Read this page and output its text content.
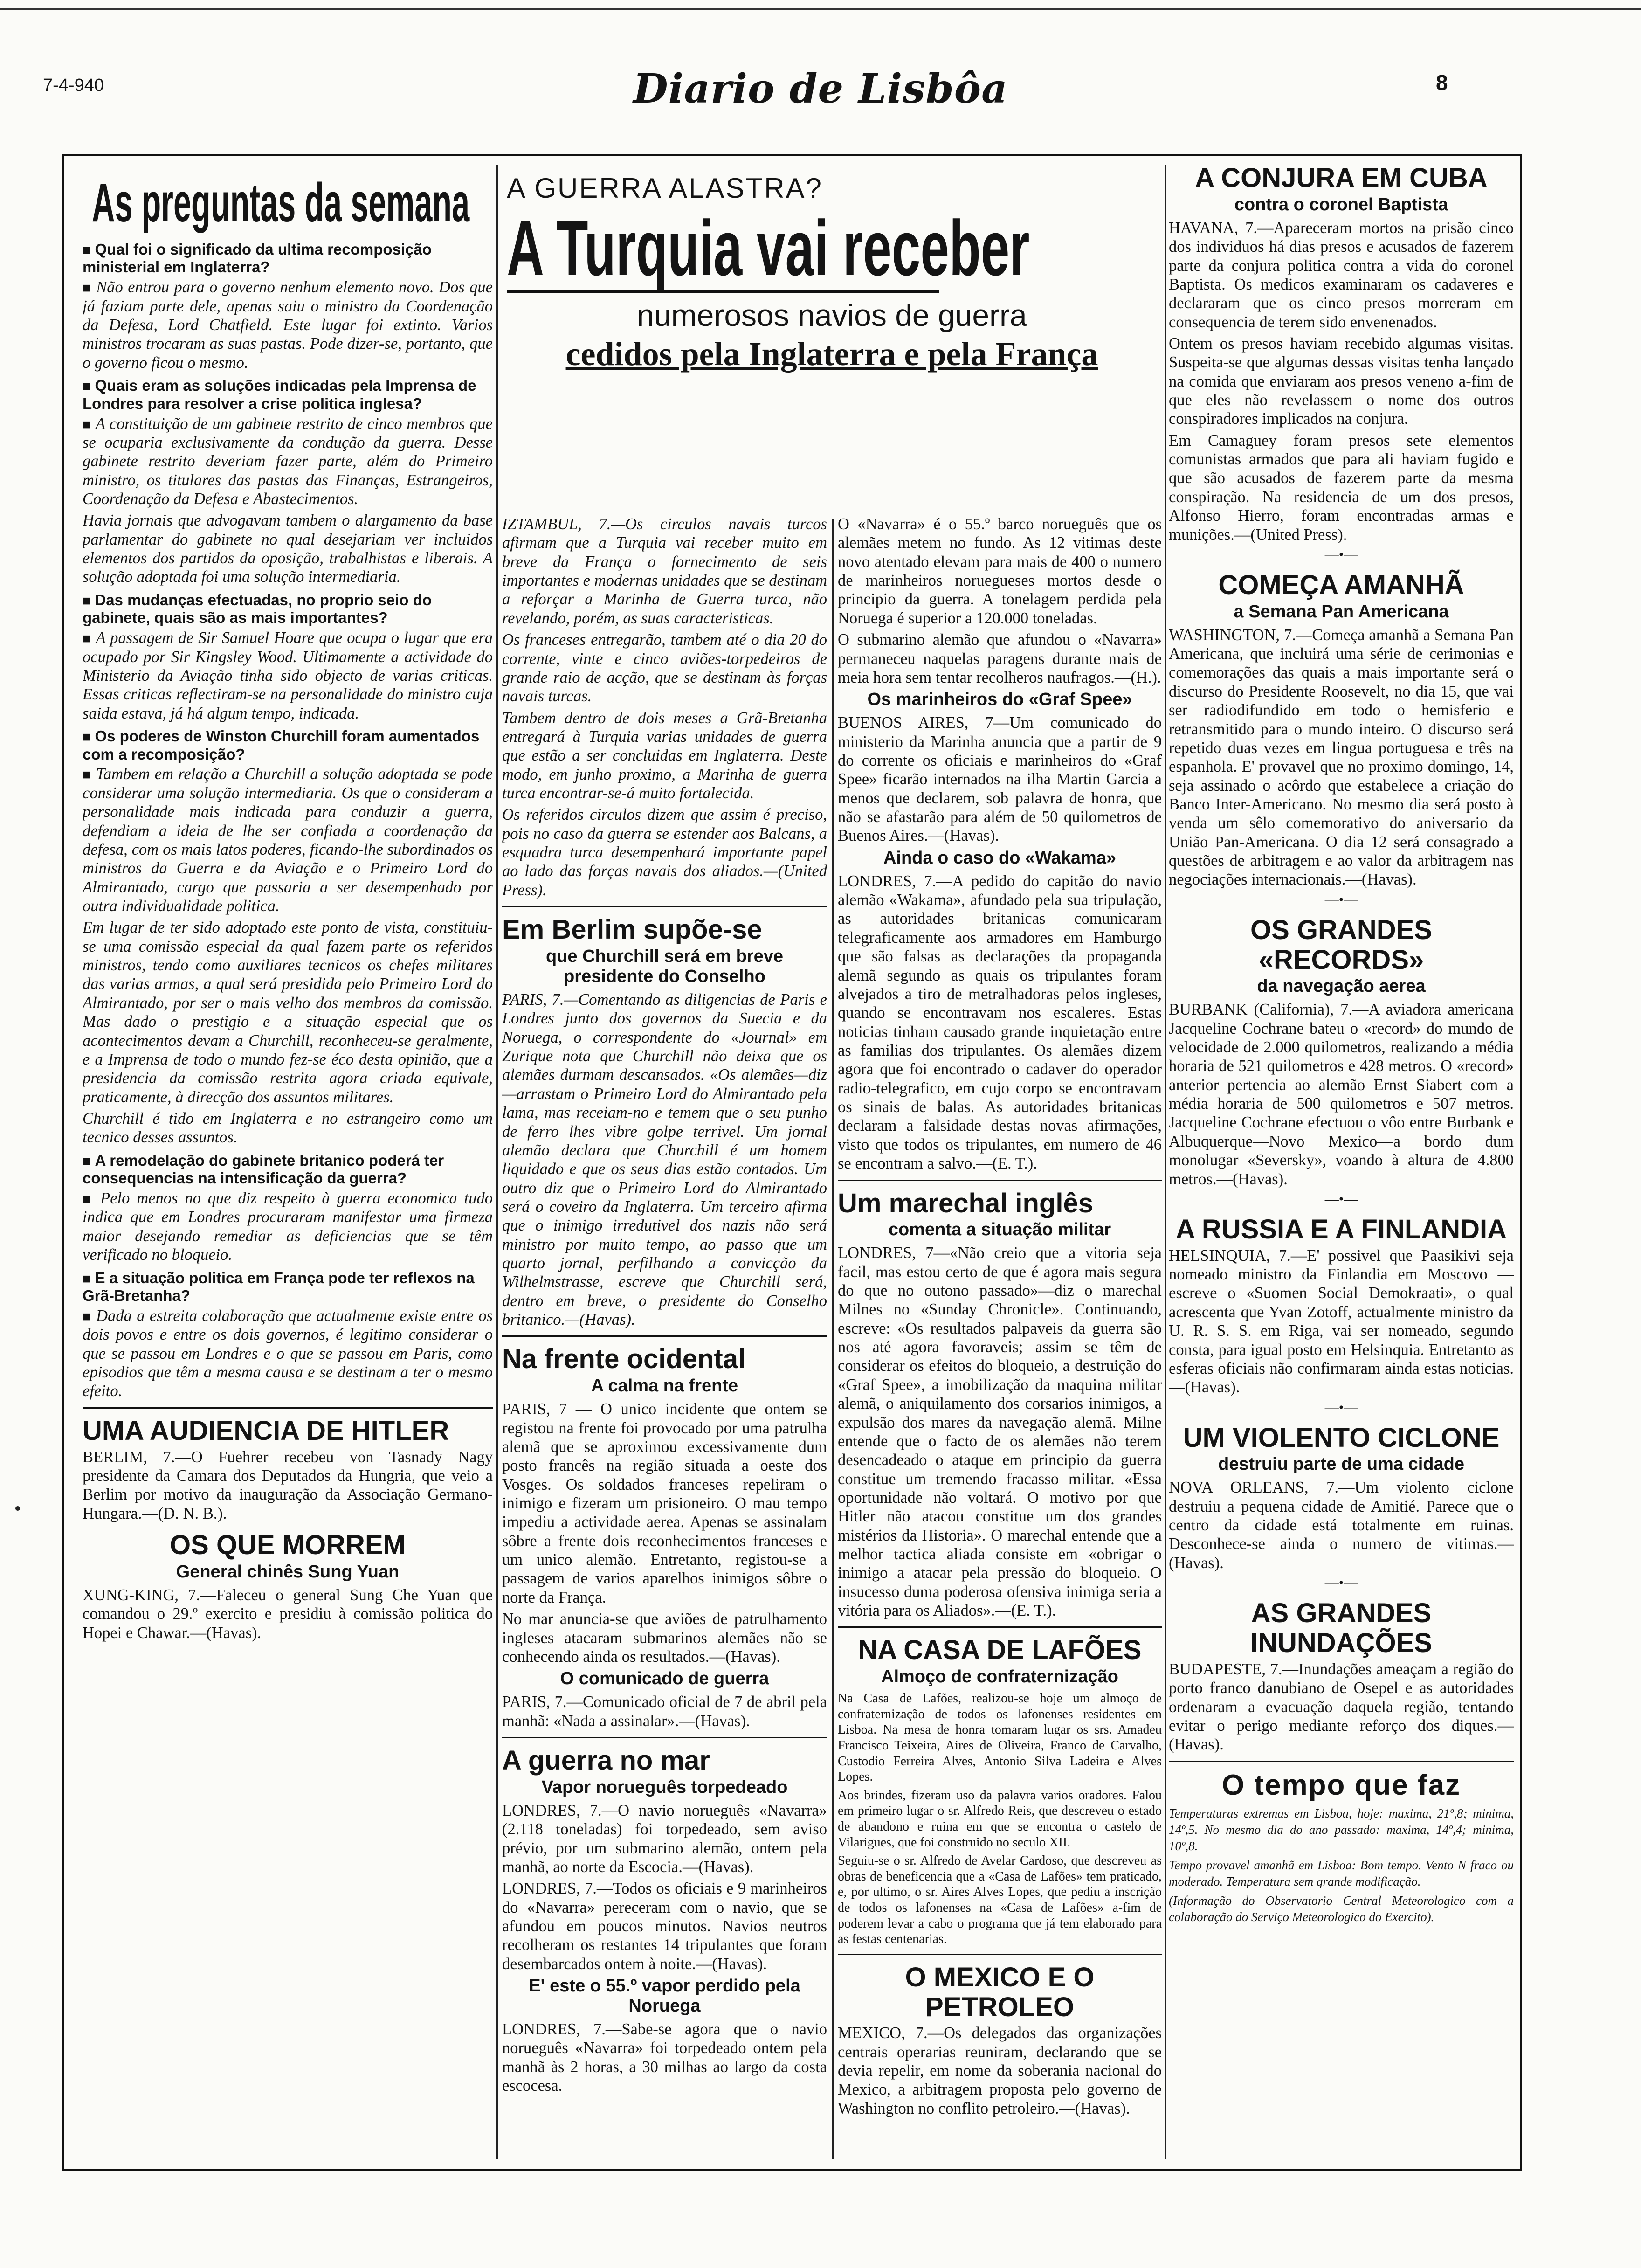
7-4-940	Diario de Lisbôa	8
As preguntas da semana
■ Qual foi o significado da ultima recomposição ministerial em Inglaterra?

■ Não entrou para o governo nenhum elemento novo. Dos que já faziam parte dele, apenas saiu o ministro da Coordenação da Defesa, Lord Chatfield. Este lugar foi extinto. Varios ministros trocaram as suas pastas. Pode dizer-se, portanto, que o governo ficou o mesmo.

■ Quais eram as soluções indicadas pela Imprensa de Londres para resolver a crise politica inglesa?

■ A constituição de um gabinete restrito de cinco membros que se ocuparia exclusivamente da condução da guerra. Desse gabinete restrito deveriam fazer parte, além do Primeiro ministro, os titulares das pastas das Finanças, Estrangeiros, Coordenação da Defesa e Abastecimentos.

Havia jornais que advogavam tambem o alargamento da base parlamentar do gabinete no qual desejariam ver incluidos elementos dos partidos da oposição, trabalhistas e liberais. A solução adoptada foi uma solução intermediaria.

■ Das mudanças efectuadas, no proprio seio do gabinete, quais são as mais importantes?

■ A passagem de Sir Samuel Hoare que ocupa o lugar que era ocupado por Sir Kingsley Wood. Ultimamente a actividade do Ministerio da Aviação tinha sido objecto de varias criticas. Essas criticas reflectiram-se na personalidade do ministro cuja saida estava, já há algum tempo, indicada.

■ Os poderes de Winston Churchill foram aumentados com a recomposição?

■ Tambem em relação a Churchill a solução adoptada se pode considerar uma solução intermediaria. Os que o consideram a personalidade mais indicada para conduzir a guerra, defendiam a ideia de lhe ser confiada a coordenação da defesa, com os mais latos poderes, ficando-lhe subordinados os ministros da Guerra e da Aviação e o Primeiro Lord do Almirantado, cargo que passaria a ser desempenhado por outra individualidade politica.

Em lugar de ter sido adoptado este ponto de vista, constituiu-se uma comissão especial da qual fazem parte os referidos ministros, tendo como auxiliares tecnicos os chefes militares das varias armas, a qual será presidida pelo Primeiro Lord do Almirantado, por ser o mais velho dos membros da comissão. Mas dado o prestigio e a situação especial que os acontecimentos devam a Churchill, reconheceu-se geralmente, e a Imprensa de todo o mundo fez-se éco desta opinião, que a presidencia da comissão restrita agora criada equivale, praticamente, à direcção dos assuntos militares.

Churchill é tido em Inglaterra e no estrangeiro como um tecnico desses assuntos.

■ A remodelação do gabinete britanico poderá ter consequencias na intensificação da guerra?

■ Pelo menos no que diz respeito à guerra economica tudo indica que em Londres procuraram manifestar uma firmeza maior desejando remediar as deficiencias que se têm verificado no bloqueio.

■ E a situação politica em França pode ter reflexos na Grã-Bretanha?

■ Dada a estreita colaboração que actualmente existe entre os dois povos e entre os dois governos, é legitimo considerar o que se passou em Londres e o que se passou em Paris, como episodios que têm a mesma causa e se destinam a ter o mesmo efeito.

UMA AUDIENCIA DE HITLER

BERLIM, 7.—O Fuehrer recebeu von Tasnady Nagy presidente da Camara dos Deputados da Hungria, que veio a Berlim por motivo da inauguração da Associação Germano-Hungara.—(D. N. B.).

OS QUE MORREM
General chinês Sung Yuan

XUNG-KING, 7.—Faleceu o general Sung Che Yuan que comandou o 29.º exercito e presidiu à comissão politica do Hopei e Chawar.—(Havas).

A GUERRA ALASTRA?
A Turquia vai receber
numerosos navios de guerra
cedidos pela Inglaterra e pela França

IZTAMBUL, 7.—Os circulos navais turcos afirmam que a Turquia vai receber muito em breve da França o fornecimento de seis importantes e modernas unidades que se destinam a reforçar a Marinha de Guerra turca, não revelando, porém, as suas caracteristicas.

Os franceses entregarão, tambem até o dia 20 do corrente, vinte e cinco aviões-torpedeiros de grande raio de acção, que se destinam às forças navais turcas.

Tambem dentro de dois meses a Grã-Bretanha entregará à Turquia varias unidades de guerra que estão a ser concluidas em Inglaterra. Deste modo, em junho proximo, a Marinha de guerra turca encontrar-se-á muito fortalecida.

Os referidos circulos dizem que assim é preciso, pois no caso da guerra se estender aos Balcans, a esquadra turca desempenhará importante papel ao lado das forças navais dos aliados.—(United Press).

Em Berlim supõe-se
que Churchill será em breve presidente do Conselho

PARIS, 7.—Comentando as diligencias de Paris e Londres junto dos governos da Suecia e da Noruega, o correspondente do «Journal» em Zurique nota que Churchill não deixa que os alemães durmam descansados. «Os alemães—diz—arrastam o Primeiro Lord do Almirantado pela lama, mas receiam-no e temem que o seu punho de ferro lhes vibre golpe terrivel. Um jornal alemão declara que Churchill é um homem liquidado e que os seus dias estão contados. Um outro diz que o Primeiro Lord do Almirantado será o coveiro da Inglaterra. Um terceiro afirma que o inimigo irredutivel dos nazis não será ministro por muito tempo, ao passo que um quarto jornal, perfilhando a convicção da Wilhelmstrasse, escreve que Churchill será, dentro em breve, o presidente do Conselho britanico.—(Havas).

Na frente ocidental
A calma na frente

PARIS, 7 — O unico incidente que ontem se registou na frente foi provocado por uma patrulha alemã que se aproximou excessivamente dum posto francês na região situada a oeste dos Vosges. Os soldados franceses repeliram o inimigo e fizeram um prisioneiro. O mau tempo impediu a actividade aerea. Apenas se assinalam sôbre a frente dois reconhecimentos franceses e um unico alemão. Entretanto, registou-se a passagem de varios aparelhos inimigos sôbre o norte da França.

No mar anuncia-se que aviões de patrulhamento ingleses atacaram submarinos alemães não se conhecendo ainda os resultados.—(Havas).

O comunicado de guerra

PARIS, 7.—Comunicado oficial de 7 de abril pela manhã: «Nada a assinalar».—(Havas).

A guerra no mar
Vapor norueguês torpedeado

LONDRES, 7.—O navio norueguês «Navarra» (2.118 toneladas) foi torpedeado, sem aviso prévio, por um submarino alemão, ontem pela manhã, ao norte da Escocia.—(Havas).

LONDRES, 7.—Todos os oficiais e 9 marinheiros do «Navarra» pereceram com o navio, que se afundou em poucos minutos. Navios neutros recolheram os restantes 14 tripulantes que foram desembarcados ontem à noite.—(Havas).

E' este o 55.º vapor perdido pela Noruega

LONDRES, 7.—Sabe-se agora que o navio norueguês «Navarra» foi torpedeado ontem pela manhã às 2 horas, a 30 milhas ao largo da costa escocesa.

O «Navarra» é o 55.º barco norueguês que os alemães metem no fundo. As 12 vitimas deste novo atentado elevam para mais de 400 o numero de marinheiros noruegueses mortos desde o principio da guerra. A tonelagem perdida pela Noruega é superior a 120.000 toneladas.

O submarino alemão que afundou o «Navarra» permaneceu naquelas paragens durante mais de meia hora sem tentar recolheros naufragos.—(H.).

Os marinheiros do «Graf Spee»

BUENOS AIRES, 7—Um comunicado do ministerio da Marinha anuncia que a partir de 9 do corrente os oficiais e marinheiros do «Graf Spee» ficarão internados na ilha Martin Garcia a menos que declarem, sob palavra de honra, que não se afastarão para além de 50 quilometros de Buenos Aires.—(Havas).

Ainda o caso do «Wakama»

LONDRES, 7.—A pedido do capitão do navio alemão «Wakama», afundado pela sua tripulação, as autoridades britanicas comunicaram telegraficamente aos armadores em Hamburgo que são falsas as declarações da propaganda alemã segundo as quais os tripulantes foram alvejados a tiro de metralhadoras pelos ingleses, quando se encontravam nos escaleres. Estas noticias tinham causado grande inquietação entre as familias dos tripulantes. Os alemães dizem agora que foi encontrado o cadaver do operador radio-telegrafico, em cujo corpo se encontravam os sinais de balas. As autoridades britanicas declaram a falsidade destas novas afirmações, visto que todos os tripulantes, em numero de 46 se encontram a salvo.—(E. T.).

Um marechal inglês
comenta a situação militar

LONDRES, 7—«Não creio que a vitoria seja facil, mas estou certo de que é agora mais segura do que no outono passado»—diz o marechal Milnes no «Sunday Chronicle». Continuando, escreve: «Os resultados palpaveis da guerra são nos até agora favoraveis; assim se têm de considerar os efeitos do bloqueio, a destruição do «Graf Spee», a imobilização da maquina militar alemã, o aniquilamento dos corsarios inimigos, a expulsão dos mares da navegação alemã. Milne entende que o facto de os alemães não terem desencadeado o ataque em principio da guerra constitue um tremendo fracasso militar. «Essa oportunidade não voltará. O motivo por que Hitler não atacou constitue um dos grandes mistérios da Historia». O marechal entende que a melhor tactica aliada consiste em «obrigar o inimigo a atacar pela pressão do bloqueio. O insucesso duma poderosa ofensiva inimiga seria a vitória para os Aliados».—(E. T.).

NA CASA DE LAFÕES
Almoço de confraternização

Na Casa de Lafões, realizou-se hoje um almoço de confraternização de todos os lafonenses residentes em Lisboa. Na mesa de honra tomaram lugar os srs. Amadeu Francisco Teixeira, Aires de Oliveira, Franco de Carvalho, Custodio Ferreira Alves, Antonio Silva Ladeira e Alves Lopes.

Aos brindes, fizeram uso da palavra varios oradores. Falou em primeiro lugar o sr. Alfredo Reis, que descreveu o estado de abandono e ruina em que se encontra o castelo de Vilarigues, que foi construido no seculo XII.

Seguiu-se o sr. Alfredo de Avelar Cardoso, que descreveu as obras de beneficencia que a «Casa de Lafões» tem praticado, e, por ultimo, o sr. Aires Alves Lopes, que pediu a inscrição de todos os lafonenses na «Casa de Lafões» a-fim de poderem levar a cabo o programa que já tem elaborado para as festas centenarias.

O MEXICO E O PETROLEO

MEXICO, 7.—Os delegados das organizações centrais operarias reuniram, declarando que se devia repelir, em nome da soberania nacional do Mexico, a arbitragem proposta pelo governo de Washington no conflito petroleiro.—(Havas).

A CONJURA EM CUBA
contra o coronel Baptista

HAVANA, 7.—Apareceram mortos na prisão cinco dos individuos há dias presos e acusados de fazerem parte da conjura politica contra a vida do coronel Baptista. Os medicos examinaram os cadaveres e declararam que os cinco presos morreram em consequencia de terem sido envenenados.

Ontem os presos haviam recebido algumas visitas. Suspeita-se que algumas dessas visitas tenha lançado na comida que enviaram aos presos veneno a-fim de que eles não revelassem o nome dos outros conspiradores implicados na conjura.

Em Camaguey foram presos sete elementos comunistas armados que para ali haviam fugido e que são acusados de fazerem parte da mesma conspiração. Na residencia de um dos presos, Alfonso Hierro, foram encontradas armas e munições.—(United Press).

—•—
COMEÇA AMANHÃ
a Semana Pan Americana

WASHINGTON, 7.—Começa amanhã a Semana Pan Americana, que incluirá uma série de cerimonias e comemorações das quais a mais importante será o discurso do Presidente Roosevelt, no dia 15, que vai ser radiodifundido em todo o hemisferio e retransmitido para o mundo inteiro. O discurso será repetido duas vezes em lingua portuguesa e três na espanhola. E' provavel que no proximo domingo, 14, seja assinado o acôrdo que estabelece a criação do Banco Inter-Americano. No mesmo dia será posto à venda um sêlo comemorativo do aniversario da União Pan-Americana. O dia 12 será consagrado a questões de arbitragem e ao valor da arbitragem nas negociações internacionais.—(Havas).

—•—
OS GRANDES «RECORDS»
da navegação aerea

BURBANK (California), 7.—A aviadora americana Jacqueline Cochrane bateu o «record» do mundo de velocidade de 2.000 quilometros, realizando a média horaria de 521 quilometros e 428 metros. O «record» anterior pertencia ao alemão Ernst Siabert com a média horaria de 500 quilometros e 507 metros. Jacqueline Cochrane efectuou o vôo entre Burbank e Albuquerque—Novo Mexico—a bordo dum monolugar «Seversky», voando à altura de 4.800 metros.—(Havas).

—•—
A RUSSIA E A FINLANDIA

HELSINQUIA, 7.—E' possivel que Paasikivi seja nomeado ministro da Finlandia em Moscovo — escreve o «Suomen Social Demokraati», o qual acrescenta que Yvan Zotoff, actualmente ministro da U. R. S. S. em Riga, vai ser nomeado, segundo consta, para igual posto em Helsinquia. Entretanto as esferas oficiais não confirmaram ainda estas noticias.—(Havas).

—•—
UM VIOLENTO CICLONE
destruiu parte de uma cidade

NOVA ORLEANS, 7.—Um violento ciclone destruiu a pequena cidade de Amitié. Parece que o centro da cidade está totalmente em ruinas. Desconhece-se ainda o numero de vitimas.—(Havas).

—•—
AS GRANDES INUNDAÇÕES

BUDAPESTE, 7.—Inundações ameaçam a região do porto franco danubiano de Osepel e as autoridades ordenaram a evacuação daquela região, tentando evitar o perigo mediante reforço dos diques.—(Havas).

O tempo que faz

Temperaturas extremas em Lisboa, hoje: maxima, 21º,8; minima, 14º,5. No mesmo dia do ano passado: maxima, 14º,4; minima, 10º,8.

Tempo provavel amanhã em Lisboa: Bom tempo. Vento N fraco ou moderado. Temperatura sem grande modificação.

(Informação do Observatorio Central Meteorologico com a colaboração do Serviço Meteorologico do Exercito).
